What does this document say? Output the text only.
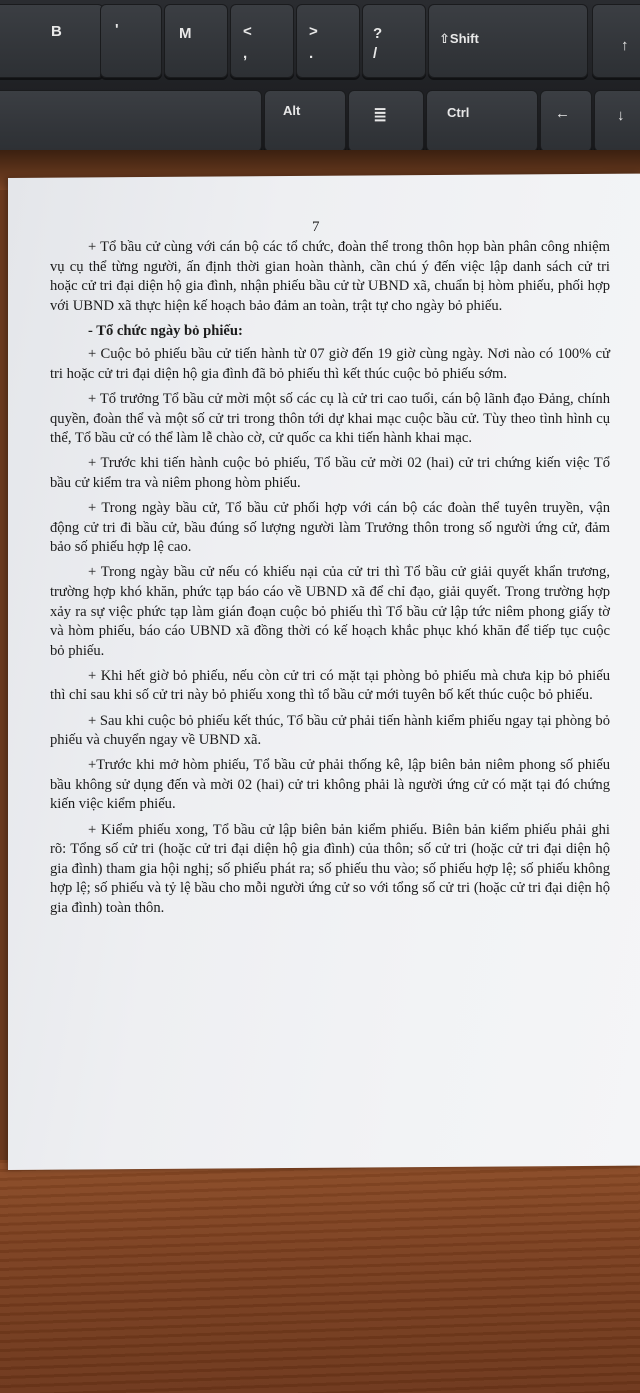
B	'	M	<
,
>
.
?
/
⇧Shift	↑
Alt	≣	Ctrl	←	↓
7

+ Tổ bầu cử cùng với cán bộ các tổ chức, đoàn thể trong thôn họp bàn phân công nhiệm vụ cụ thể từng người, ấn định thời gian hoàn thành, cần chú ý đến việc lập danh sách cử tri hoặc cử tri đại diện hộ gia đình, nhận phiếu bầu cử từ UBND xã, chuẩn bị hòm phiếu, phối hợp với UBND xã thực hiện kế hoạch bảo đảm an toàn, trật tự cho ngày bỏ phiếu.

- Tổ chức ngày bỏ phiếu:

+ Cuộc bỏ phiếu bầu cử tiến hành từ 07 giờ đến 19 giờ cùng ngày. Nơi nào có 100% cử tri hoặc cử tri đại diện hộ gia đình đã bỏ phiếu thì kết thúc cuộc bỏ phiếu sớm.

+ Tổ trưởng Tổ bầu cử mời một số các cụ là cử tri cao tuổi, cán bộ lãnh đạo Đảng, chính quyền, đoàn thể và một số cử tri trong thôn tới dự khai mạc cuộc bầu cử. Tùy theo tình hình cụ thể, Tổ bầu cử có thể làm lễ chào cờ, cử quốc ca khi tiến hành khai mạc.

+ Trước khi tiến hành cuộc bỏ phiếu, Tổ bầu cử mời 02 (hai) cử tri chứng kiến việc Tổ bầu cử kiểm tra và niêm phong hòm phiếu.

+ Trong ngày bầu cử, Tổ bầu cử phối hợp với cán bộ các đoàn thể tuyên truyền, vận động cử tri đi bầu cử, bầu đúng số lượng người làm Trưởng thôn trong số người ứng cử, đảm bảo số phiếu hợp lệ cao.

+ Trong ngày bầu cử nếu có khiếu nại của cử tri thì Tổ bầu cử giải quyết khẩn trương, trường hợp khó khăn, phức tạp báo cáo về UBND xã để chỉ đạo, giải quyết. Trong trường hợp xảy ra sự việc phức tạp làm gián đoạn cuộc bỏ phiếu thì Tổ bầu cử lập tức niêm phong giấy tờ và hòm phiếu, báo cáo UBND xã đồng thời có kế hoạch khắc phục khó khăn để tiếp tục cuộc bỏ phiếu.

+ Khi hết giờ bỏ phiếu, nếu còn cử tri có mặt tại phòng bỏ phiếu mà chưa kịp bỏ phiếu thì chỉ sau khi số cử tri này bỏ phiếu xong thì tổ bầu cử mới tuyên bố kết thúc cuộc bỏ phiếu.

+ Sau khi cuộc bỏ phiếu kết thúc, Tổ bầu cử phải tiến hành kiểm phiếu ngay tại phòng bỏ phiếu và chuyển ngay về UBND xã.

+Trước khi mở hòm phiếu, Tổ bầu cử phải thống kê, lập biên bản niêm phong số phiếu bầu không sử dụng đến và mời 02 (hai) cử tri không phải là người ứng cử có mặt tại đó chứng kiến việc kiểm phiếu.

+ Kiểm phiếu xong, Tổ bầu cử lập biên bản kiểm phiếu. Biên bản kiểm phiếu phải ghi rõ: Tổng số cử tri (hoặc cử tri đại diện hộ gia đình) của thôn; số cử tri (hoặc cử tri đại diện hộ gia đình) tham gia hội nghị; số phiếu phát ra; số phiếu thu vào; số phiếu hợp lệ; số phiếu không hợp lệ; số phiếu và tỷ lệ bầu cho mỗi người ứng cử so với tổng số cử tri (hoặc cử tri đại diện hộ gia đình) toàn thôn.
